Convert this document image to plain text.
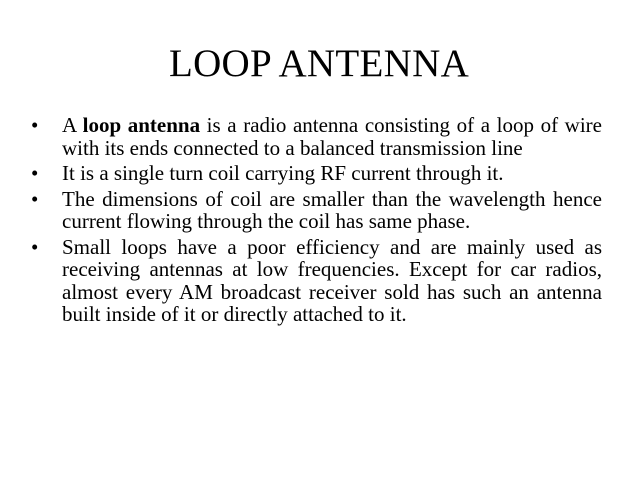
LOOP ANTENNA
• A loop antenna is a radio antenna consisting of a loop of wire with its ends connected to a balanced transmission line
• It is a single turn coil carrying RF current through it.
• The dimensions of coil are smaller than the wavelength hence current flowing through the coil has same phase.
• Small loops have a poor efficiency and are mainly used as receiving antennas at low frequencies. Except for car radios, almost every AM broadcast receiver sold has such an antenna built inside of it or directly attached to it.
